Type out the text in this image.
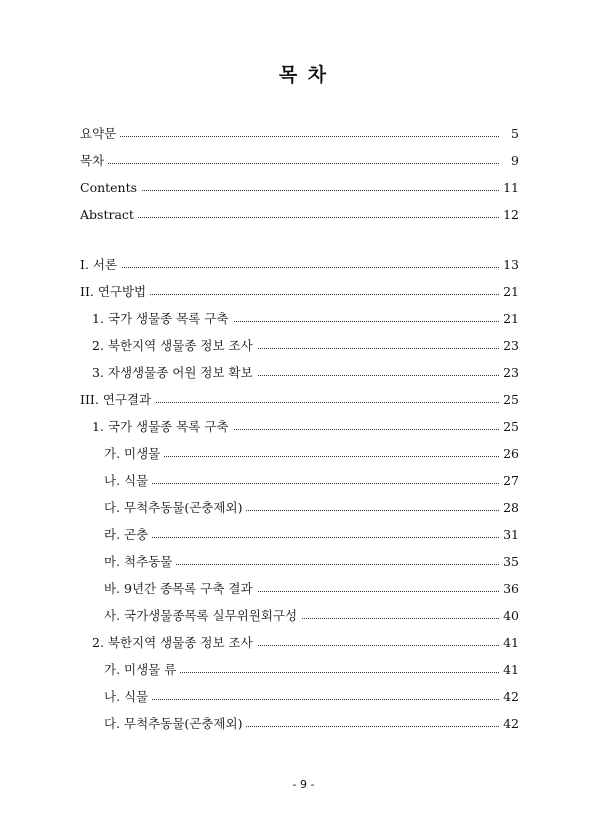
목 차
요약문	5
목차	9
Contents	11
Abstract	12
I. 서론	13
II. 연구방법	21
1. 국가 생물종 목록 구축	21
2. 북한지역 생물종 정보 조사	23
3. 자생생물종 어원 정보 확보	23
III. 연구결과	25
1. 국가 생물종 목록 구축	25
가. 미생물	26
나. 식물	27
다. 무척추동물(곤충제외)	28
라. 곤충	31
마. 척추동물	35
바. 9년간 종목록 구축 결과	36
사. 국가생물종목록 실무위원회구성	40
2. 북한지역 생물종 정보 조사	41
가. 미생물 류	41
나. 식물	42
다. 무척추동물(곤충제외)	42
- 9 -
